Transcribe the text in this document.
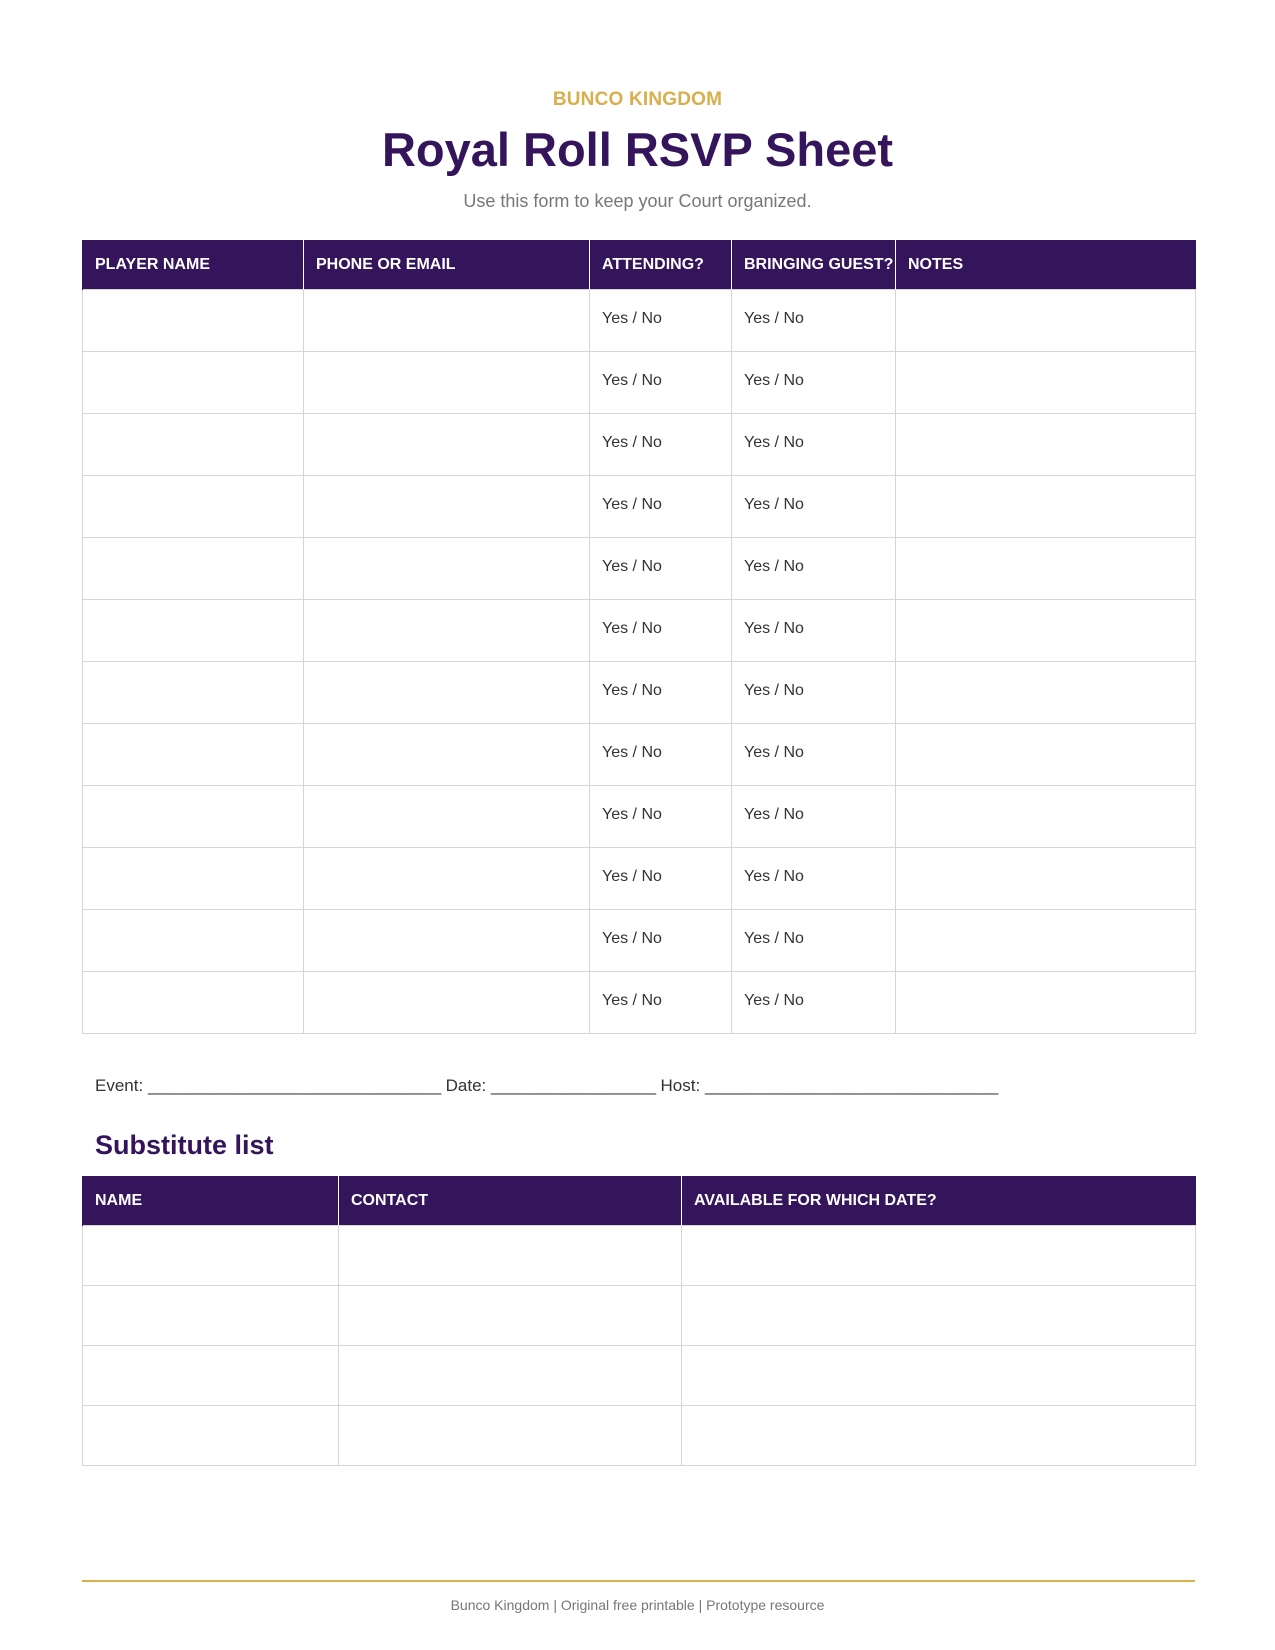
BUNCO KINGDOM
Royal Roll RSVP Sheet
Use this form to keep your Court organized.
PLAYER NAME	PHONE OR EMAIL	ATTENDING?	BRINGING GUEST?	NOTES
		Yes / No	Yes / No	
		Yes / No	Yes / No	
		Yes / No	Yes / No	
		Yes / No	Yes / No	
		Yes / No	Yes / No	
		Yes / No	Yes / No	
		Yes / No	Yes / No	
		Yes / No	Yes / No	
		Yes / No	Yes / No	
		Yes / No	Yes / No	
		Yes / No	Yes / No	
		Yes / No	Yes / No	
Event: ________________________________ Date: __________________ Host: ________________________________
Substitute list
NAME	CONTACT	AVAILABLE FOR WHICH DATE?

Bunco Kingdom | Original free printable | Prototype resource
